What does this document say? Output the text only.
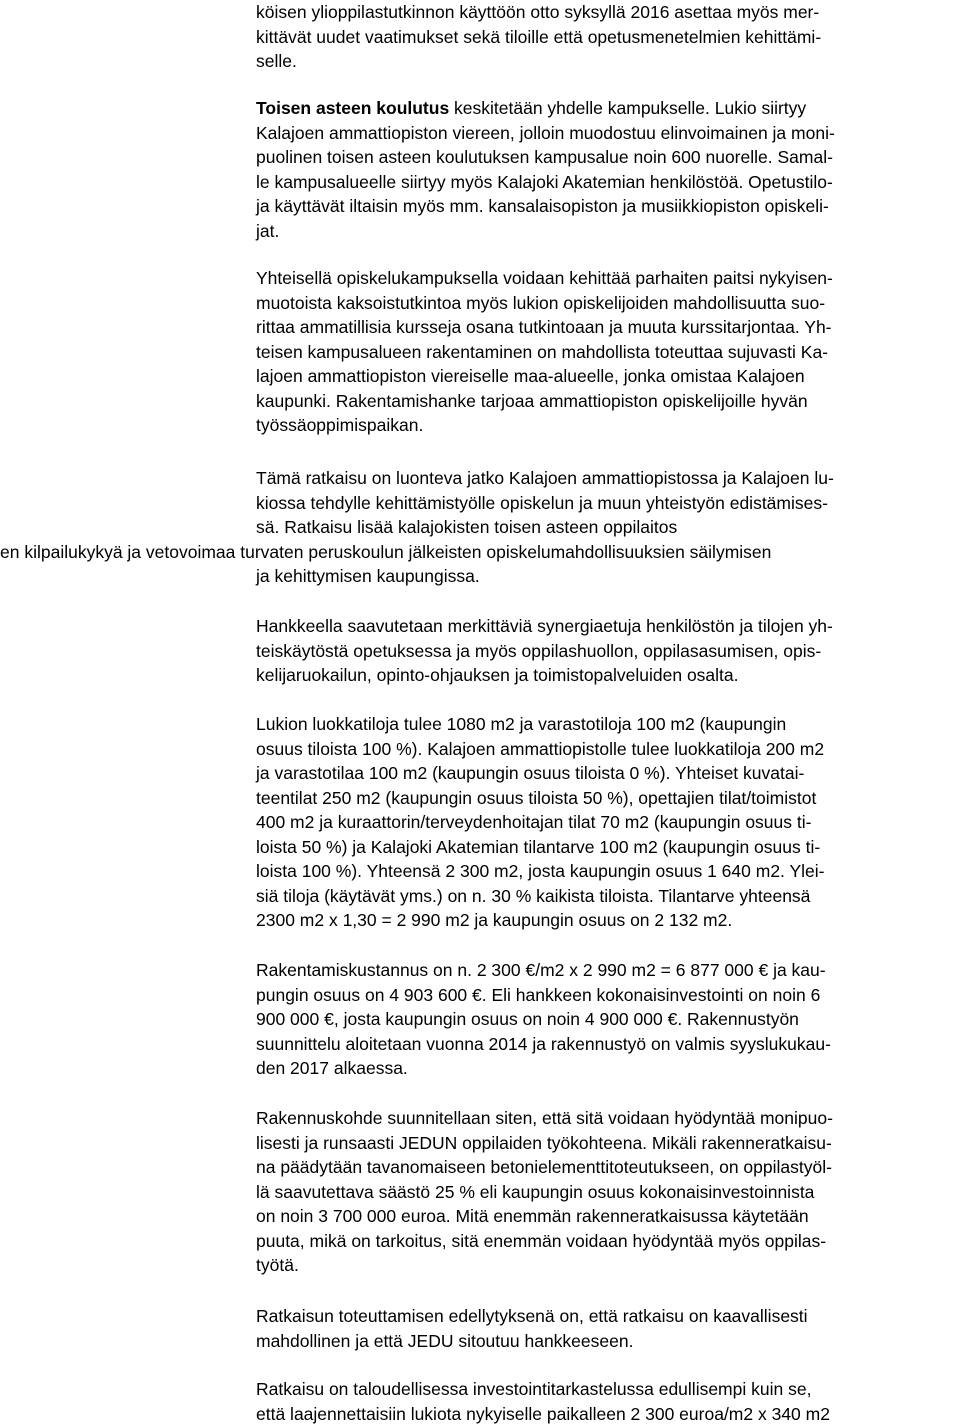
köisen ylioppilastutkinnon käyttöön otto syksyllä 2016 asettaa myös mer-
kittävät uudet vaatimukset sekä tiloille että opetusmenetelmien kehittämi-
selle.
Toisen asteen koulutus keskitetään yhdelle kampukselle. Lukio siirtyy
Kalajoen ammattiopiston viereen, jolloin muodostuu elinvoimainen ja moni-
puolinen toisen asteen koulutuksen kampusalue noin 600 nuorelle. Samal-
le kampusalueelle siirtyy myös Kalajoki Akatemian henkilöstöä. Opetustilo-
ja käyttävät iltaisin myös mm. kansalaisopiston ja musiikkiopiston opiskeli-
jat.
Yhteisellä opiskelukampuksella voidaan kehittää parhaiten paitsi nykyisen-
muotoista kaksoistutkintoa myös lukion opiskelijoiden mahdollisuutta suo-
rittaa ammatillisia kursseja osana tutkintoaan ja muuta kurssitarjontaa. Yh-
teisen kampusalueen rakentaminen on mahdollista toteuttaa sujuvasti Ka-
lajoen ammattiopiston viereiselle maa-alueelle, jonka omistaa Kalajoen
kaupunki. Rakentamishanke tarjoaa ammattiopiston opiskelijoille hyvän
työssäoppimispaikan.
Tämä ratkaisu on luonteva jatko Kalajoen ammattiopistossa ja Kalajoen lu-
kiossa tehdylle kehittämistyölle opiskelun ja muun yhteistyön edistämises-
sä. Ratkaisu lisää kalajokisten toisen asteen oppilaitos
en kilpailukykyä ja vetovoimaa turvaten peruskoulun jälkeisten opiskelumahdollisuuksien säilymisen
ja kehittymisen kaupungissa.
Hankkeella saavutetaan merkittäviä synergiaetuja henkilöstön ja tilojen yh-
teiskäytöstä opetuksessa ja myös oppilashuollon, oppilasasumisen, opis-
kelijaruokailun, opinto-ohjauksen ja toimistopalveluiden osalta.
Lukion luokkatiloja tulee 1080 m2 ja varastotiloja 100 m2 (kaupungin
osuus tiloista 100 %). Kalajoen ammattiopistolle tulee luokkatiloja 200 m2
ja varastotilaa 100 m2 (kaupungin osuus tiloista 0 %). Yhteiset kuvatai-
teentilat 250 m2 (kaupungin osuus tiloista 50 %), opettajien tilat/toimistot
400 m2 ja kuraattorin/terveydenhoitajan tilat 70 m2 (kaupungin osuus ti-
loista 50 %) ja Kalajoki Akatemian tilantarve 100 m2 (kaupungin osuus ti-
loista 100 %). Yhteensä 2 300 m2, josta kaupungin osuus 1 640 m2. Ylei-
siä tiloja (käytävät yms.) on n. 30 % kaikista tiloista. Tilantarve yhteensä
2300 m2 x 1,30 = 2 990 m2 ja kaupungin osuus on 2 132 m2.
Rakentamiskustannus on n. 2 300 €/m2 x 2 990 m2 = 6 877 000 € ja kau-
pungin osuus on 4 903 600 €. Eli hankkeen kokonaisinvestointi on noin 6
900 000 €, josta kaupungin osuus on noin 4 900 000 €. Rakennustyön
suunnittelu aloitetaan vuonna 2014 ja rakennustyö on valmis syyslukukau-
den 2017 alkaessa.
Rakennuskohde suunnitellaan siten, että sitä voidaan hyödyntää monipuo-
lisesti ja runsaasti JEDUN oppilaiden työkohteena. Mikäli rakenneratkaisu-
na päädytään tavanomaiseen betonielementtitoteutukseen, on oppilastyöl-
lä saavutettava säästö 25 % eli kaupungin osuus kokonaisinvestoinnista
on noin 3 700 000 euroa. Mitä enemmän rakenneratkaisussa käytetään
puuta, mikä on tarkoitus, sitä enemmän voidaan hyödyntää myös oppilas-
työtä.
Ratkaisun toteuttamisen edellytyksenä on, että ratkaisu on kaavallisesti
mahdollinen ja että JEDU sitoutuu hankkeeseen.
Ratkaisu on taloudellisessa investointitarkastelussa edullisempi kuin se,
että laajennettaisiin lukiota nykyiselle paikalleen 2 300 euroa/m2 x 340 m2
